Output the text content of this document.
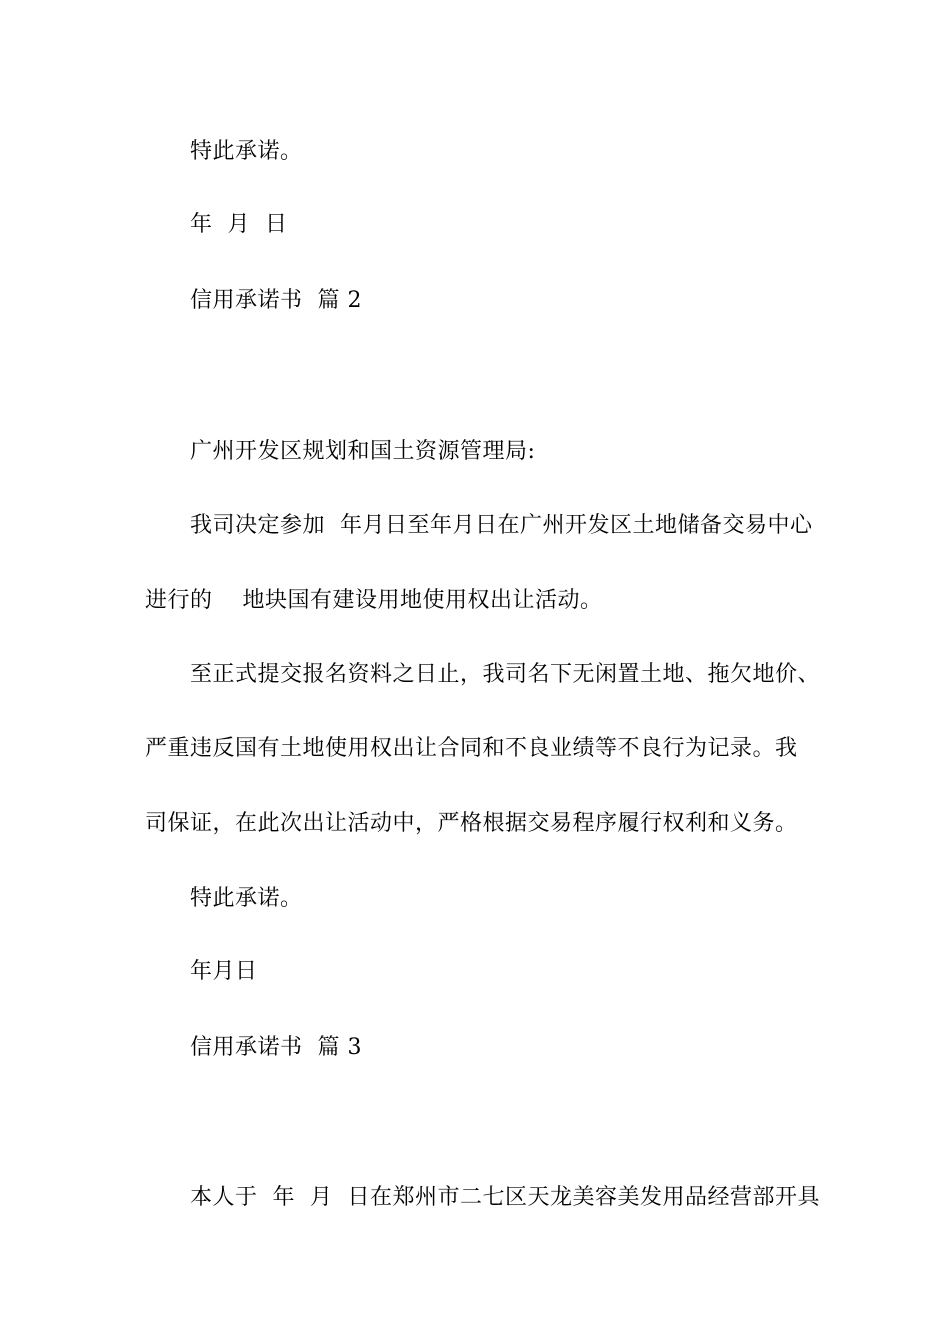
特此承诺。
年  月  日
信用承诺书  篇 2
广州开发区规划和国土资源管理局:
我司决定参加  年月日至年月日在广州开发区土地储备交易中心
进行的    地块国有建设用地使用权出让活动。
至正式提交报名资料之日止，我司名下无闲置土地、拖欠地价、
严重违反国有土地使用权出让合同和不良业绩等不良行为记录。我
司保证，在此次出让活动中，严格根据交易程序履行权利和义务。
特此承诺。
年月日
信用承诺书  篇 3
本人于  年  月  日在郑州市二七区天龙美容美发用品经营部开具
